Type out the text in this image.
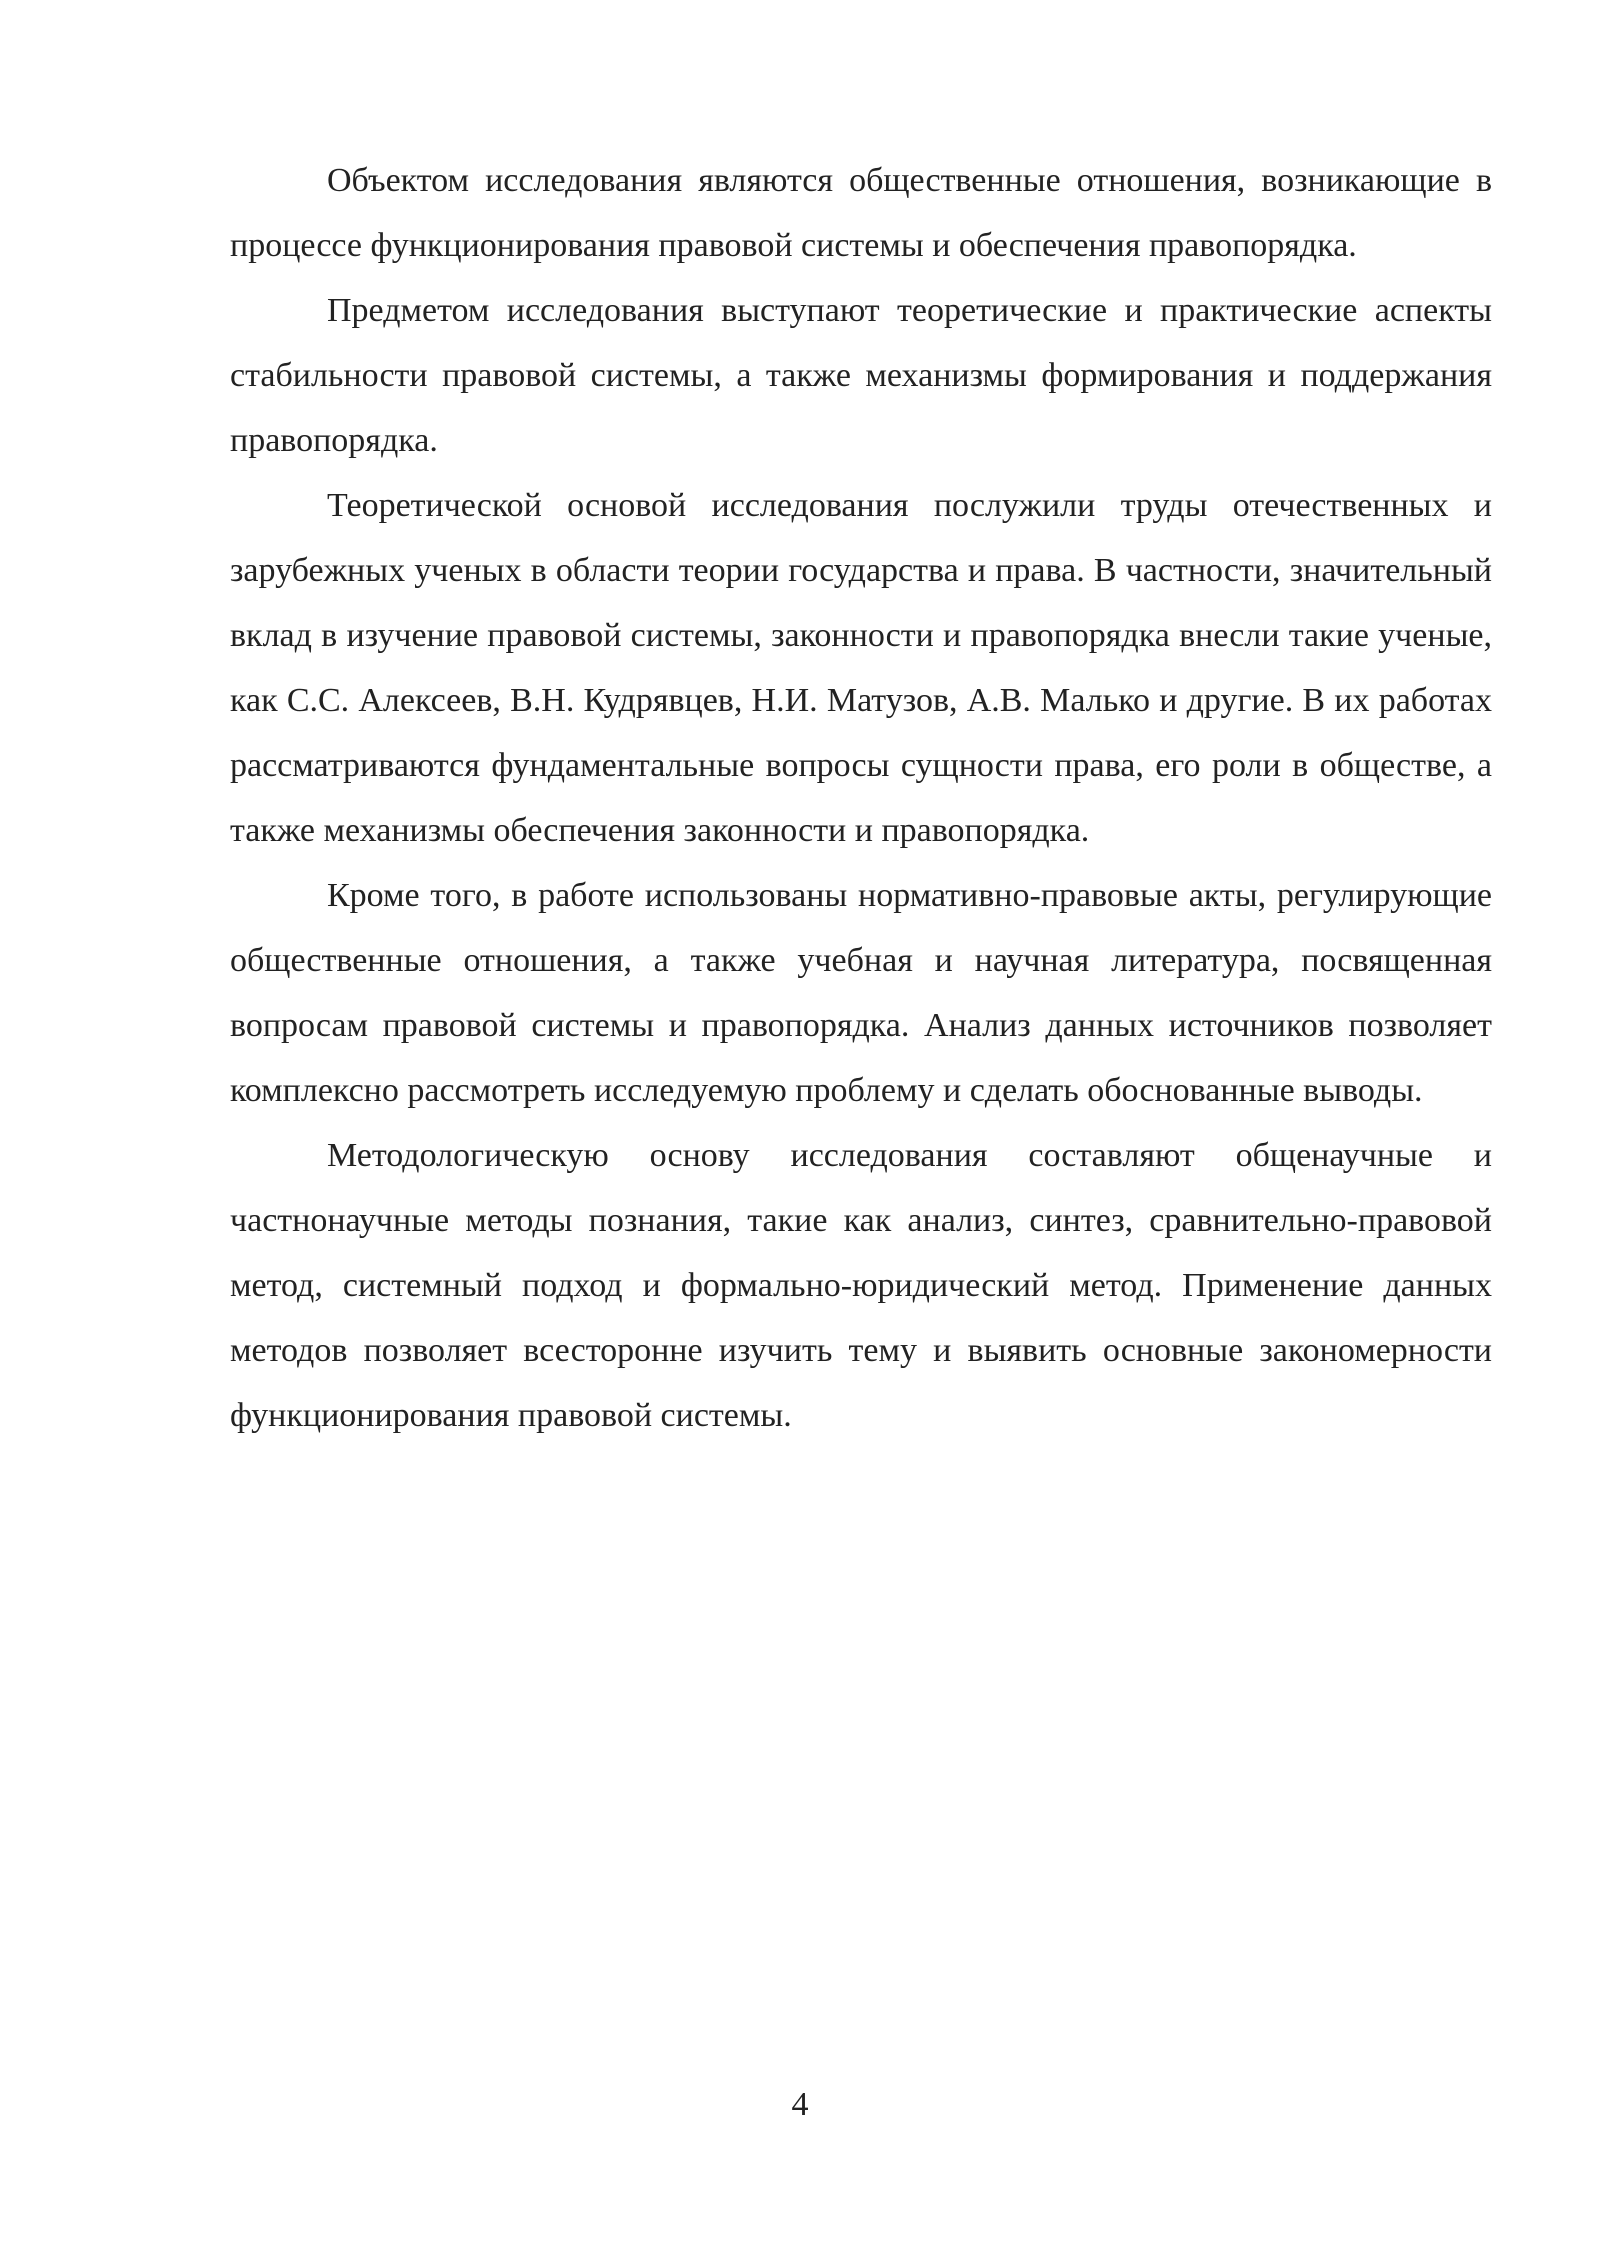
Объектом исследования являются общественные отношения, возникающие в процессе функционирования правовой системы и обеспечения правопорядка.

Предметом исследования выступают теоретические и практические аспекты стабильности правовой системы, а также механизмы формирования и поддержания правопорядка.

Теоретической основой исследования послужили труды отечественных и зарубежных ученых в области теории государства и права. В частности, значительный вклад в изучение правовой системы, законности и правопорядка внесли такие ученые, как С.С. Алексеев, В.Н. Кудрявцев, Н.И. Матузов, А.В. Малько и другие. В их работах рассматриваются фундаментальные вопросы сущности права, его роли в обществе, а также механизмы обеспечения законности и правопорядка.

Кроме того, в работе использованы нормативно-правовые акты, регулирующие общественные отношения, а также учебная и научная литература, посвященная вопросам правовой системы и правопорядка. Анализ данных источников позволяет комплексно рассмотреть исследуемую проблему и сделать обоснованные выводы.

Методологическую основу исследования составляют общенаучные и частнонаучные методы познания, такие как анализ, синтез, сравнительно-правовой метод, системный подход и формально-юридический метод. Применение данных методов позволяет всесторонне изучить тему и выявить основные закономерности функционирования правовой системы.

4
